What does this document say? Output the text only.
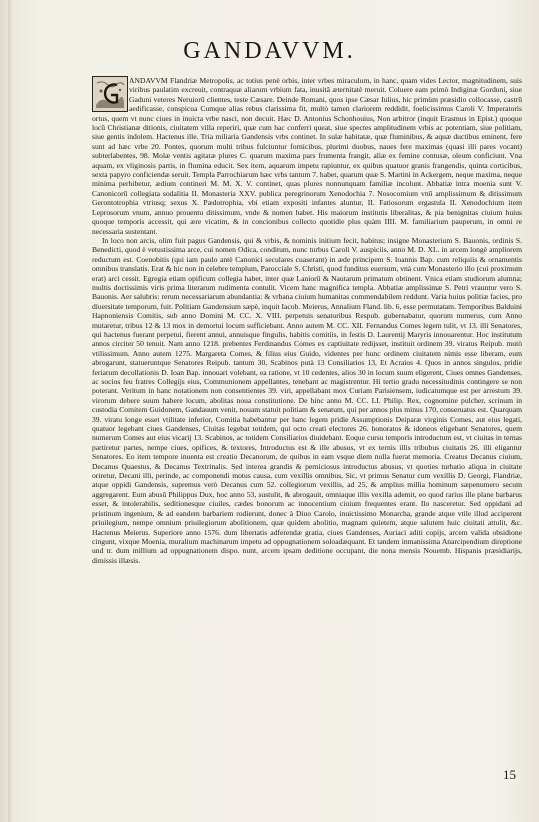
GANDAVVM.

ANDAVVM Flandriæ Metropolis, ac totius penè orbis, inter vrbes miraculum, in hanc, quam vides Lector, magnitudinem, suis viribus paulatim excreuit, contraquæ aliarum vrbium fata, inusitâ æternitatè meruit. Coluere eam primò Indiginæ Gorduni, siue Gaduni veteres Neruiorū clientes, teste Cæsare. Deinde Romani, quos ipse Cæsar Iulius, hic primùm præsidio collocasse, castrū aedificasse, conspicua Cumque alias rebus clarissima fit, multò tamen clariorem reddidit, foelicissimus Caroli V. Imperatoris ortus, quem vt nunc ciues in inuicta vrbe nasci, non decuit. Hæc D. Antonius Schonhouius, Non arbitror (inquit Erasmus in Epist.) quoque locū Christianæ ditionis, ciuitatem villa reperiri, quæ cum hac conferri queat, siue spectes amplitudinem vrbis ac potentiam, siue politiam, siue gentis indolem. Hactenus ille. Tria miliaria Gandensis vrbs continet. In sulæ habitatæ, quæ fluminibus, & aquæ ductibus eminent, fere sunt ad hæc vrbe 20. Pontes, quorum multi tribus fulciuntur fornicibus, plurimi duobus, naues fere maximas (quasi illi pares vocant) subterlabentes, 98. Molæ ventis agitatæ plures C. quarum maxima pars frumenta frangit, aliæ ex femine contusæ, oleum conficiunt. Vna aquam, ex vliginosis partis, in flumina educit. Sex item, aquarum impetu rapiuntur, ex quibus quatuor granis frangendis, quinta corticibus, sexta papyro conficiendæ seruit. Templa Parrochiarum hæc vrbs tantum 7. habet, quarum quæ S. Martini in Ackergem, neque maxima, neque minima perhibetur, ædium contineri M. M. X. V. continet, quas plures nonnunquam familiæ incolunt. Abbatiæ intra moenia sunt V. Canonicorū collegiata sodalitia II. Monasteria XXV. publica peregrinorum Xenodochia 7. Nosocomium vnū amplissimum & ditissimum Gerontotrophia vtriusq; sexus X. Pædotrophia, vbi etiam expositi infantes aluntur, II. Fatiosorum ergastula II. Xenodochium item Leprosorum vnum, annuo prouentu ditissimum, vnde & nomen habet. His maiorum institutis liberalitas, & pia benignitas ciuium huius quoque temporis accessit, qui ære vicatim, & in concionibus collecto quotidie plus quàm IIII. M. familiarium pauperum, in omni re necessaria sustentant.

In loco non arcis, olim fuit pagus Gandensis, qui & vrbis, & nominis initium fecit, habitus; insigne Monasterium S. Bauonis, ordinis S. Benedicti, quod è vetustissima arce, cui nomen Odica, conditum, nunc turbus Caroli V. auspiciis, anno M. D. XL. in arcem longè ampliorem reductum est. Coenobitis (qui iam paulo antè Canonici seculares cuaserant) in æde principem S. Ioannis Bap. cum reliquiis & ornamentis omnibus translatis. Erat & hic non in celebre templum, Parocciale S. Christi, quod funditus euersum, vnà cum Monasterio illo (cui proximum erat) arci cessit. Egregia etiam opificum collegia habet, inter quæ Laniorū & Nautarum primatum obtinent. Vnica etiam studiorum alumna; multis doctissimis viris prima literarum rudimenta contulit. Vicem hanc magnifica templa. Abbatiæ amplissimæ S. Petri vrauntur vero S. Bauonis. Aer salubris: rerum necessariarum abundantia: & vrbana ciuium humanitas commendabilem reddunt. Varia huius politiæ facies, pro diuersitate temporum, fuit. Politiam Gandensium sæpè, inquit Iacob. Meierus, Annalium Fland. lib. 6, esse permutatam. Temporibus Balduini Hapnoniensis Comitis, sub anno Domini M. CC. X. VIII. perpetuis senatoribus Respub. gubernabatur, quorum numerus, cum Anno mutaretur, tribus 12 & 13 mox in demortui locum sufficiebant. Anno autem M. CC. XII. Fernandus Comes legem tulit, vt 13. illi Senatores, qui hactenus fuerant perpetui, fierent annui, annuisque fingulis, habitis comitiis, in festis D. Laurentij Maryris innouarentur. Hoc institutum annos circiter 50 tenuit. Nam anno 1218. prebentes Ferdinandus Comes ex captiuitate redijsset, instituit ordinem 39. viratus Reipub. mutò vtilissimum. Anno autem 1275. Margareta Comes, & filius eius Guido, videntes per hunc ordinem ciuitatem nimis esse liberam, eum abrogarunt, statueruntque Senatores Reipub. tantum 30, Scabinos putà 13 Consiliarios 13, Et Acraios 4. Quos in annos singulos, pridie feriarum decollationis D. Ioan Bap. innouari volebant, ea ratione, vt 10 cedentes, alios 30 in locum suum eligerent, Ciues omnes Gandenses, ac socios feu fratres Collegijs eius, Communionem appellantes, tenebant ac magistrentur. Hi tertio gradu necessitudinis contingere se non poterant. Veritum in hanc notationem non consentientes 39. viri, appellabant mox Curiam Parisiensem, iudicatumque est per arrestum 39. virorum debere suum habere locum, abolitas noua constitutione. De hinc anno M. CC. LI. Philip. Rex, cognomine pulcher, scrinum in custodia Comitem Guidonem, Gandauum venit, nouam statuit politiam & senatum, qui per annos plus minus 170, conseruatus est. Quarquam 39. viratu longe esset vtilitate inferior, Comitia habebantur per hanc legem pridie Assumptionis Deiparæ virginis Comes, aut eius legati, quatuor legebant ciues Gandenses, Ciuitas legebat totidem, qui octo creati electores 26. honoratos & idoneos eligebant Senatores, quem numerum Comes aut eius vicarij 13. Scabinos, ac totidem Consiliarios diuidebant. Eoque cursu temporis introductum est, vt ciuitas in ternas partiretur partes, nempe ciues, opifices, & textores, Introductus est & ille abusus, vt ex ternis illis tribubus ciuitatis 26. illi eligantur Senatores. Eo item tempore inuenta est creatio Decanorum, de quibus in eam vsque diem nulla fuerat memoria. Creatus Decanus ciuium, Decanus Quaestus, & Decanus Textrinalis. Sed interea grandis & perniciosus introductus abusus, vt quoties turbatio aliqua in ciuitate oriretur, Decani illi, perinde, ac componendi motus causa, cum vexillis omnibus, Sic, vt primus Senatur cum vexillis D. Georgi, Flandriæ, atque oppidi Gandensis, supremus verò Decanus cum 52. collegiorum vexillis, ad 25, & amplius millia hominum sæpenumero secum aggregarent. Eum abusû Philippus Dux, hoc anno 53, sustulit, & abrogauit, omniaque illis vexilla ademit, eo quod rarius ille plane barbarus esset, & intolerabilis, seditionesque ciuiles, cædes bonorum ac innocentium ciuium frequentes erant. Ilo nasceretur. Sed oppidani ad pristinum ingenium, & ad eandem barbariem rodierunt, donec à Diuo Carolo, inuictissimo Monarcha, grande atque vtile illud acciperent priuilegium, nempe omnium priuilegiorum abolitionem, quæ quidem abolitio, magnam quietem, atque salutem huic ciuitati attulit, &c. Hactenus Meierus. Superiore anno 1576. dum libertatis adferendæ gratia, ciues Gandenses, Auriaci aditi copijs, arcem valida obsidione cingunt, vixque Moenia, muralium machinarum impetu ad oppugnationem soloadæquant. Et tandem inmanissima Anarcipendium direptione und tr. dum millium ad oppugnationem dispo. nunt, arcem ipsam deditione occupant, die nona mensis Nouemb. Hispanis præsidiarijs, dimissis illæsis.

15
